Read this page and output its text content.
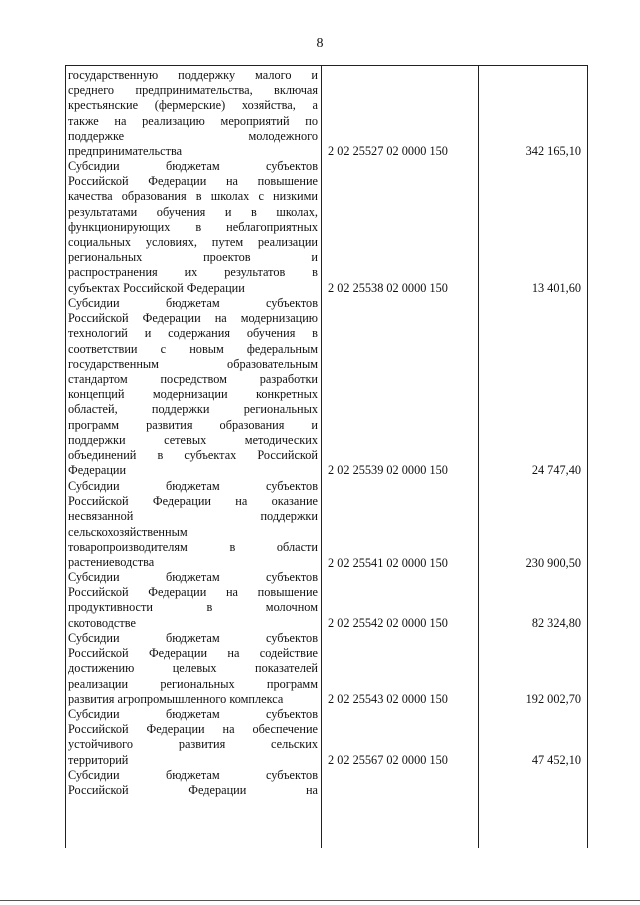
8
государственную поддержку малого и
среднего предпринимательства, включая
крестьянские (фермерские) хозяйства, а
также на реализацию мероприятий по
поддержке молодежного
предпринимательства	2 02 25527 02 0000 150	342 165,10
Субсидии бюджетам субъектов
Российской Федерации на повышение
качества образования в школах с низкими
результатами обучения и в школах,
функционирующих в неблагоприятных
социальных условиях, путем реализации
региональных проектов и
распространения их результатов в
субъектах Российской Федерации	2 02 25538 02 0000 150	13 401,60
Субсидии бюджетам субъектов
Российской Федерации на модернизацию
технологий и содержания обучения в
соответствии с новым федеральным
государственным образовательным
стандартом посредством разработки
концепций модернизации конкретных
областей, поддержки региональных
программ развития образования и
поддержки сетевых методических
объединений в субъектах Российской
Федерации	2 02 25539 02 0000 150	24 747,40
Субсидии бюджетам субъектов
Российской Федерации на оказание
несвязанной поддержки
сельскохозяйственным
товаропроизводителям в области
растениеводства	2 02 25541 02 0000 150	230 900,50
Субсидии бюджетам субъектов
Российской Федерации на повышение
продуктивности в молочном
скотоводстве	2 02 25542 02 0000 150	82 324,80
Субсидии бюджетам субъектов
Российской Федерации на содействие
достижению целевых показателей
реализации региональных программ
развития агропромышленного комплекса	2 02 25543 02 0000 150	192 002,70
Субсидии бюджетам субъектов
Российской Федерации на обеспечение
устойчивого развития сельских
территорий	2 02 25567 02 0000 150	47 452,10
Субсидии бюджетам субъектов
Российской Федерации на
